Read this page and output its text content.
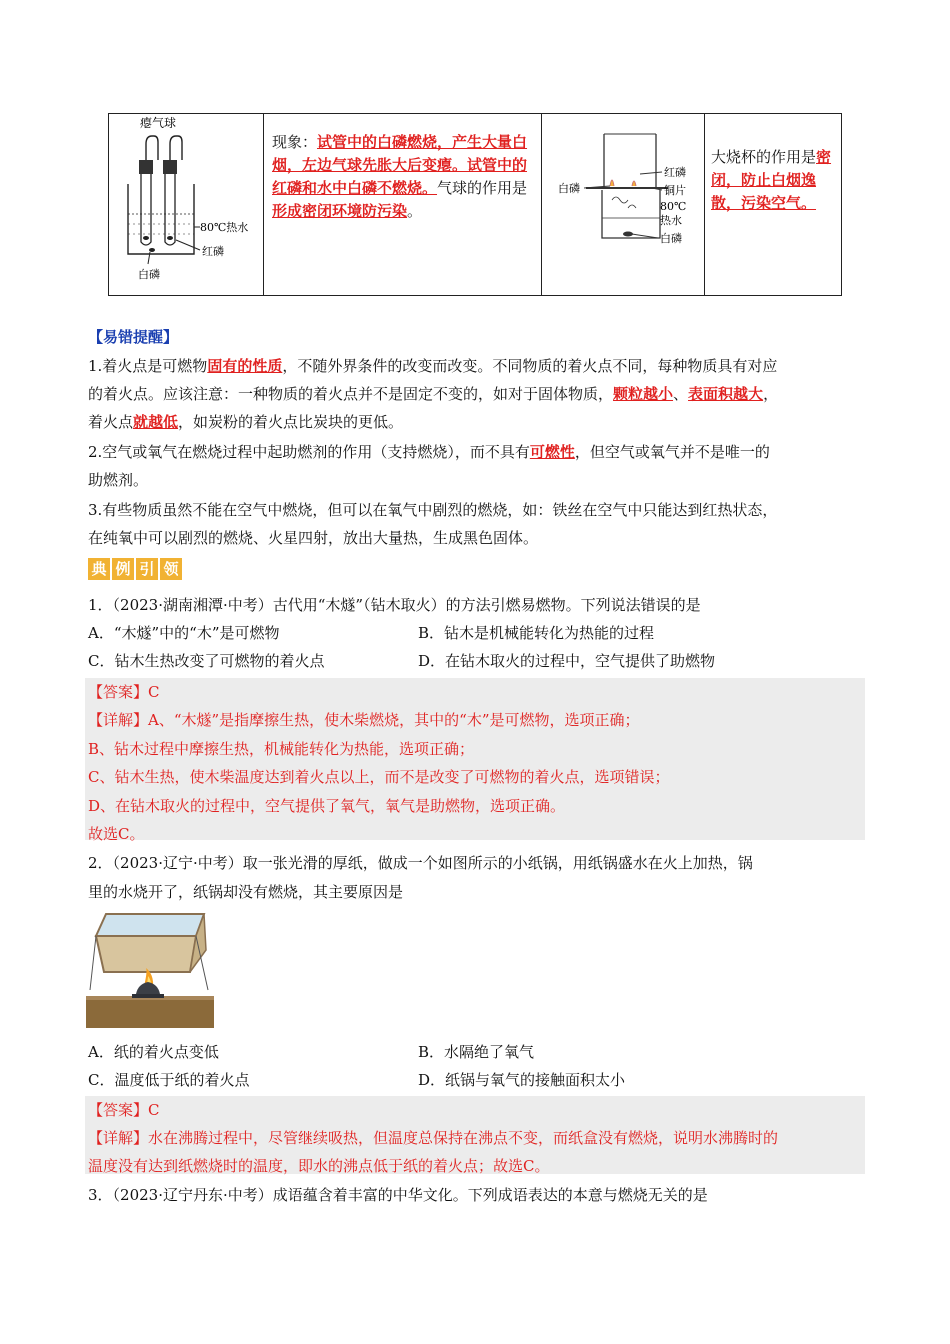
瘪气球
80℃热水
红磷
白磷
现象：试管中的白磷燃烧，产生大量白烟，左边气球先胀大后变瘪。试管中的红磷和水中白磷不燃烧。气球的作用是形成密闭环境防污染。
红磷
铜片
80℃
热水
白磷
白磷
大烧杯的作用是密闭，防止白烟逸散，污染空气。
【易错提醒】
1.着火点是可燃物固有的性质，不随外界条件的改变而改变。不同物质的着火点不同，每种物质具有对应
的着火点。应该注意：一种物质的着火点并不是固定不变的，如对于固体物质，颗粒越小、表面积越大，
着火点就越低，如炭粉的着火点比炭块的更低。
2.空气或氧气在燃烧过程中起助燃剂的作用（支持燃烧），而不具有可燃性，但空气或氧气并不是唯一的
助燃剂。
3.有些物质虽然不能在空气中燃烧，但可以在氧气中剧烈的燃烧，如：铁丝在空气中只能达到红热状态，
在纯氧中可以剧烈的燃烧、火星四射，放出大量热，生成黑色固体。
典 例 引 领
1．（2023·湖南湘潭·中考）古代用“木燧”（钻木取火）的方法引燃易燃物。下列说法错误的是
A．“木燧”中的“木”是可燃物	B．钻木是机械能转化为热能的过程
C．钻木生热改变了可燃物的着火点	D．在钻木取火的过程中，空气提供了助燃物
【答案】C
【详解】A、“木燧”是指摩擦生热，使木柴燃烧，其中的“木”是可燃物，选项正确；
B、钻木过程中摩擦生热，机械能转化为热能，选项正确；
C、钻木生热，使木柴温度达到着火点以上，而不是改变了可燃物的着火点，选项错误；
D、在钻木取火的过程中，空气提供了氧气，氧气是助燃物，选项正确。
故选C。
2．（2023·辽宁·中考）取一张光滑的厚纸，做成一个如图所示的小纸锅，用纸锅盛水在火上加热，锅
里的水烧开了，纸锅却没有燃烧，其主要原因是
A．纸的着火点变低	B．水隔绝了氧气
C．温度低于纸的着火点	D．纸锅与氧气的接触面积太小
【答案】C
【详解】水在沸腾过程中，尽管继续吸热，但温度总保持在沸点不变，而纸盒没有燃烧，说明水沸腾时的
温度没有达到纸燃烧时的温度，即水的沸点低于纸的着火点；故选C。
3．（2023·辽宁丹东·中考）成语蕴含着丰富的中华文化。下列成语表达的本意与燃烧无关的是
